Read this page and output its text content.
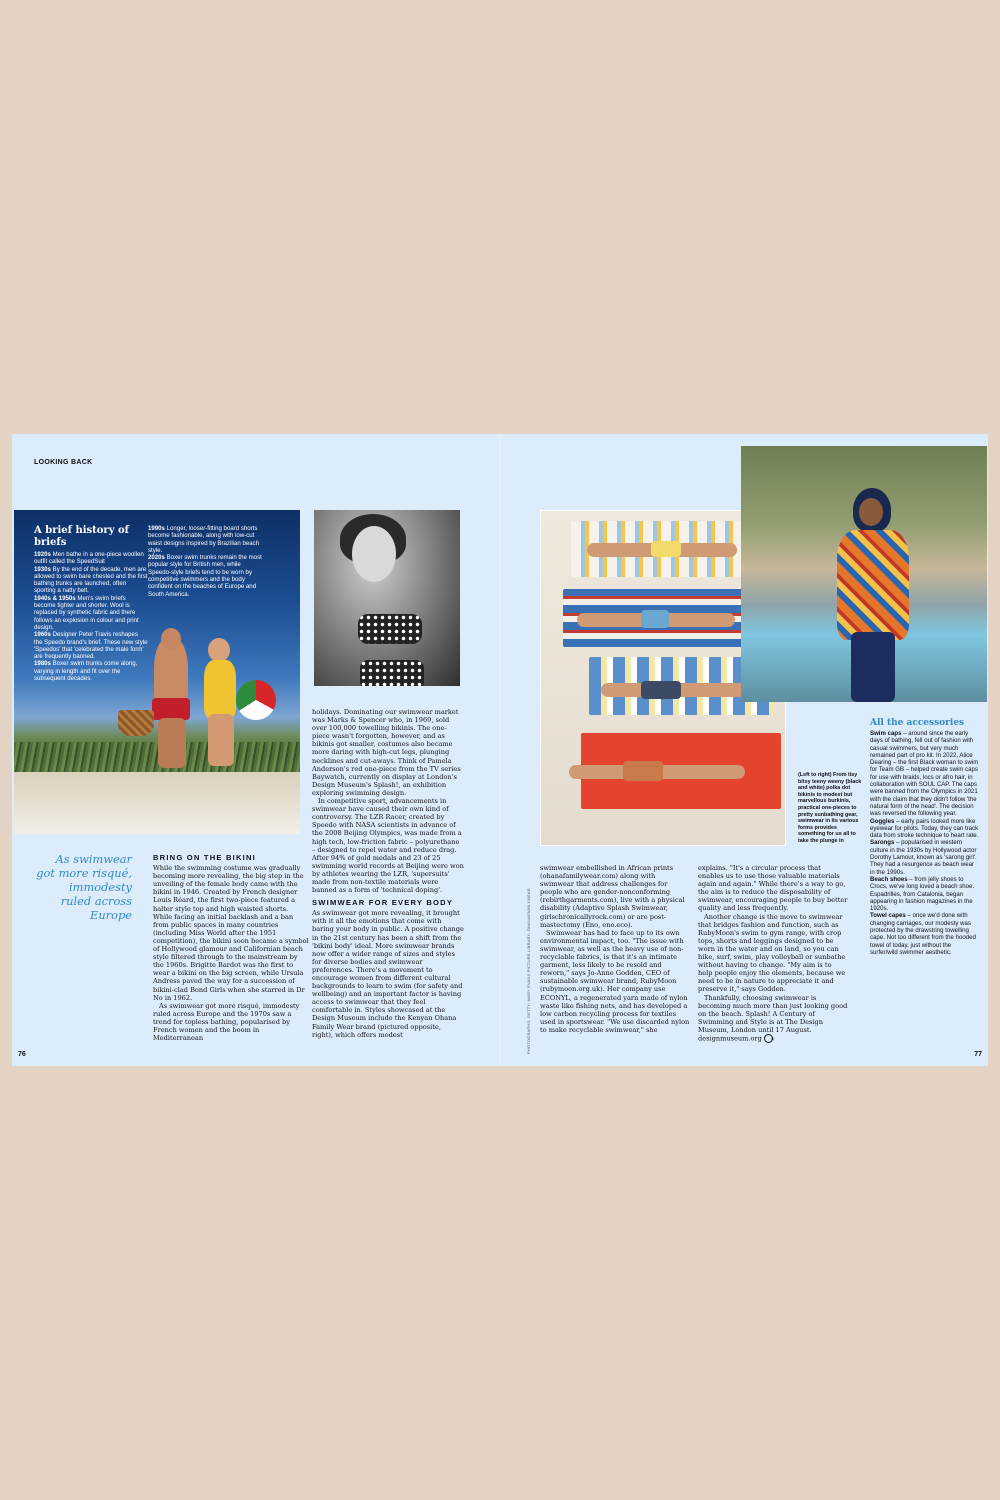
LOOKING BACK
A brief history of briefs

1920s Men bathe in a one-piece woollen outfit called the SpeedSuit

1930s By the end of the decade, men are allowed to swim bare chested and the first bathing trunks are launched, often sporting a natty belt.

1940s & 1950s Men's swim briefs become tighter and shorter. Wool is replaced by synthetic fabric and there follows an explosion in colour and print design.

1960s Designer Peter Travis reshapes the Speedo brand's brief. These new style 'Speedos' that 'celebrated the male form' are frequently banned.

1980s Boxer swim trunks come along, varying in length and fit over the subsequent decades.

1990s Longer, looser-fitting board shorts become fashionable, along with low-cut waist designs inspired by Brazilian beach style.

2020s Boxer swim trunks remain the most popular style for British men, while Speedo-style briefs tend to be worn by competitive swimmers and the body confident on the beaches of Europe and South America.

As swimwear got more risqué, immodesty ruled across Europe
BRING ON THE BIKINI

While the swimming costume was gradually becoming more revealing, the big step in the unveiling of the female body came with the bikini in 1946. Created by French designer Louis Réard, the first two-piece featured a halter style top and high waisted shorts. While facing an initial backlash and a ban from public spaces in many countries (including Miss World after the 1951 competition), the bikini soon became a symbol of Hollywood glamour and Californian beach style filtered through to the mainstream by the 1960s. Brigitte Bardot was the first to wear a bikini on the big screen, while Ursula Andress paved the way for a succession of bikini-clad Bond Girls when she starred in Dr No in 1962.

As swimwear got more risqué, immodesty ruled across Europe and the 1970s saw a trend for topless bathing, popularised by French women and the boom in Mediterranean

holidays. Dominating our swimwear market was Marks & Spencer who, in 1969, sold over 100,000 towelling bikinis. The one-piece wasn't forgotten, however, and as bikinis got smaller, costumes also became more daring with high-cut legs, plunging necklines and cut-aways. Think of Pamela Anderson's red one-piece from the TV series Baywatch, currently on display at London's Design Museum's Splash!, an exhibition exploring swimming design.

In competitive sport, advancements in swimwear have caused their own kind of controversy. The LZR Racer, created by Speedo with NASA scientists in advance of the 2008 Beijing Olympics, was made from a high tech, low-friction fabric – polyurethane – designed to repel water and reduce drag. After 94% of gold medals and 23 of 25 swimming world records at Beijing were won by athletes wearing the LZR, 'supersuits' made from non-textile materials were banned as a form of 'technical doping'.

SWIMWEAR FOR EVERY BODY

As swimwear got more revealing, it brought with it all the emotions that come with baring your body in public. A positive change in the 21st century has been a shift from the 'bikini body' ideal. More swimwear brands now offer a wider range of sizes and styles for diverse bodies and swimwear preferences. There's a movement to encourage women from different cultural backgrounds to learn to swim (for safety and wellbeing) and an important factor is having access to swimwear that they feel comfortable in. Styles showcased at the Design Museum include the Kenyan Ohana Family Wear brand (pictured opposite, right), which offers modest

76
(Left to right) From itsy bitsy teeny weeny (black and white) polka dot bikinis to modest but marvellous burkinis, practical one-pieces to pretty sunbathing gear, swimwear in its various forms provides something for us all to take the plunge in
PHOTOGRAPHS: GETTY; MARY EVANS PICTURE LIBRARY; OHANAFAMILYWEAR

swimwear embellished in African prints (ohanafamilywear.com) along with swimwear that address challenges for people who are gender-nonconforming (rebirthgarments.com), live with a physical disability (Adaptive Splash Swimwear, girlschronicallyrock.com) or are post-mastectomy (Eno, eno.eco).

Swimwear has had to face up to its own environmental impact, too. "The issue with swimwear, as well as the heavy use of non-recyclable fabrics, is that it's an intimate garment, less likely to be resold and reworn," says Jo-Anne Godden, CEO of sustainable swimwear brand, RubyMoon (rubymoon.org.uk). Her company use ECONYL, a regenerated yarn made of nylon waste like fishing nets, and has developed a low carbon recycling process for textiles used in sportswear. "We use discarded nylon to make recyclable swimwear," she

explains. "It's a circular process that enables us to use those valuable materials again and again." While there's a way to go, the aim is to reduce the disposability of swimwear, encouraging people to buy better quality and less frequently.

Another change is the move to swimwear that bridges fashion and function, such as RubyMoon's swim to gym range, with crop tops, shorts and leggings designed to be worn in the water and on land, so you can hike, surf, swim, play volleyball or sunbathe without having to change. "My aim is to help people enjoy the elements, because we need to be in nature to appreciate it and preserve it," says Godden.

Thankfully, choosing swimwear is becoming much more than just looking good on the beach. Splash! A Century of Swimming and Style is at The Design Museum, London until 17 August. designmuseum.org ◎

All the accessories

Swim caps – around since the early days of bathing, fell out of fashion with casual swimmers, but very much remained part of pro kit. In 2022, Alice Dearing – the first Black woman to swim for Team GB – helped create swim caps for use with braids, locs or afro hair, in collaboration with SOUL CAP. The caps were banned from the Olympics in 2021 with the claim that they didn't follow 'the natural form of the head'. The decision was reversed the following year.

Goggles – early pairs looked more like eyewear for pilots. Today, they can track data from stroke technique to heart rate.

Sarongs – popularised in western culture in the 1930s by Hollywood actor Dorothy Lamour, known as 'sarong girl'. They had a resurgence as beach wear in the 1990s.

Beach shoes – from jelly shoes to Crocs, we've long loved a beach shoe. Espadrilles, from Catalonia, began appearing in fashion magazines in the 1920s.

Towel capes – once we'd done with changing carriages, our modesty was protected by the drawstring towelling cape. Not too different from the hooded towel of today, just without the surfer/wild swimmer aesthetic.

77
